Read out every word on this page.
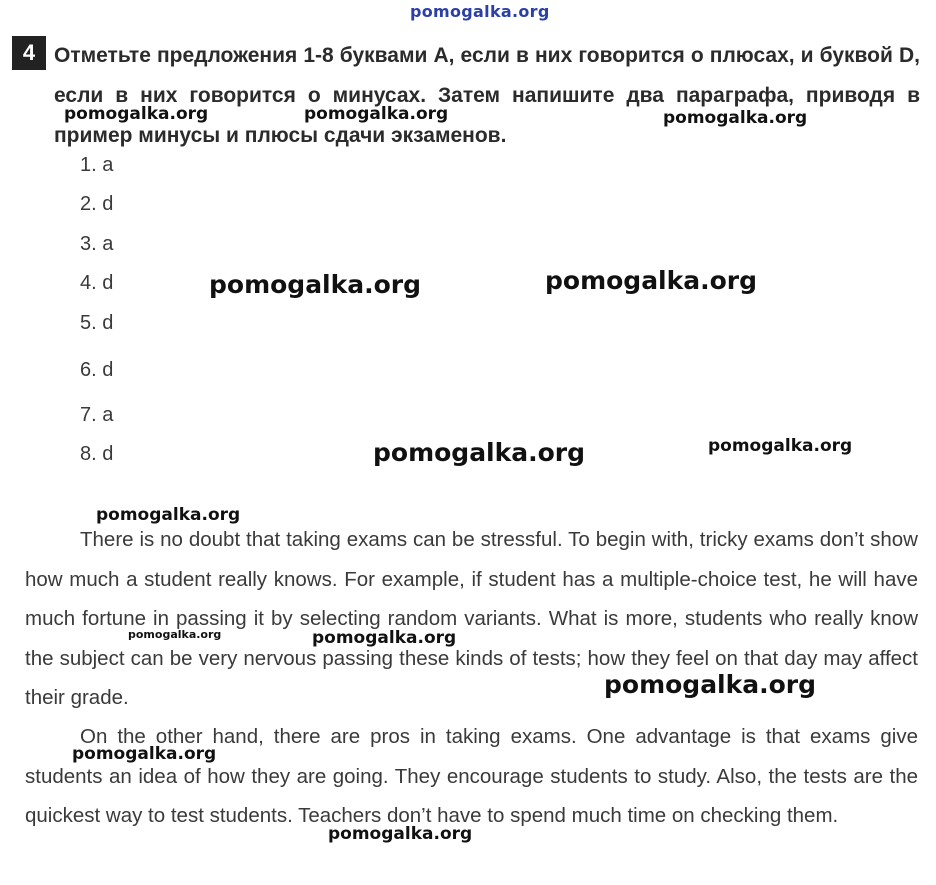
pomogalka.org
4 Отметьте предложения 1-8 буквами A, если в них говорится о плюсах, и буквой D, если в них говорится о минусах. Затем напишите два параграфа, приводя в пример минусы и плюсы сдачи экзаменов.
1. a
2. d
3. a
4. d
5. d
6. d
7. a
8. d

There is no doubt that taking exams can be stressful. To begin with, tricky exams don’t show how much a student really knows. For example, if student has a multiple-choice test, he will have much fortune in passing it by selecting random variants. What is more, students who really know the subject can be very nervous passing these kinds of tests; how they feel on that day may affect their grade.

On the other hand, there are pros in taking exams. One advantage is that exams give students an idea of how they are going. They encourage students to study. Also, the tests are the quickest way to test students. Teachers don’t have to spend much time on checking them.

pomogalka.org	pomogalka.org	pomogalka.org
pomogalka.org	pomogalka.org
pomogalka.org	pomogalka.org
pomogalka.org
pomogalka.org	pomogalka.org
pomogalka.org
pomogalka.org
pomogalka.org
